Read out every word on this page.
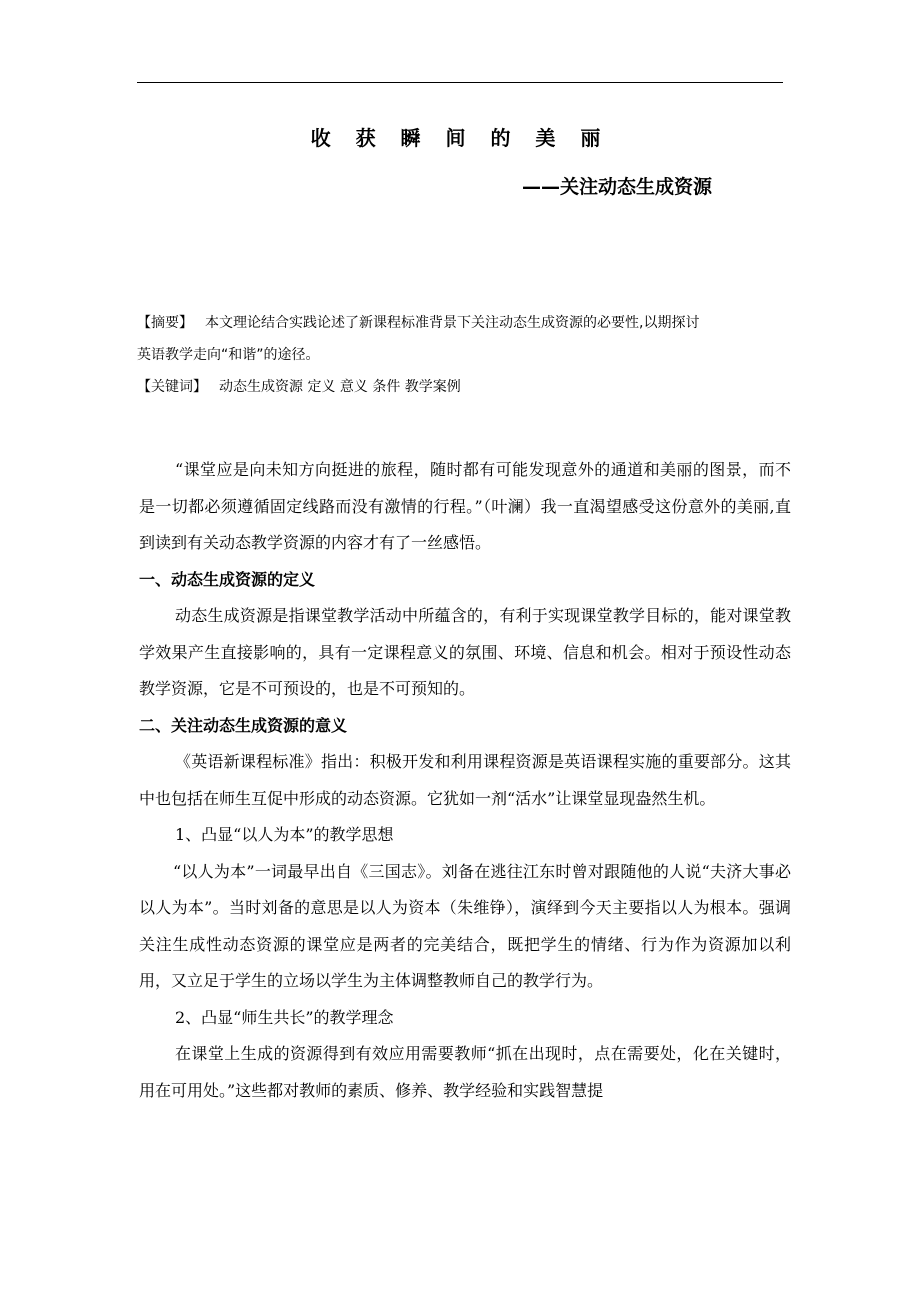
收 获 瞬 间 的 美 丽
——关注动态生成资源

【摘要】 本文理论结合实践论述了新课程标准背景下关注动态生成资源的必要性,以期探讨

英语教学走向“和谐”的途径。

【关键词】 动态生成资源 定义 意义 条件 教学案例

“课堂应是向未知方向挺进的旅程，随时都有可能发现意外的通道和美丽的图景，而不是一切都必须遵循固定线路而没有激情的行程。”（叶澜）我一直渴望感受这份意外的美丽,直到读到有关动态教学资源的内容才有了一丝感悟。

一、动态生成资源的定义

动态生成资源是指课堂教学活动中所蕴含的，有利于实现课堂教学目标的，能对课堂教学效果产生直接影响的，具有一定课程意义的氛围、环境、信息和机会。相对于预设性动态教学资源，它是不可预设的，也是不可预知的。

二、关注动态生成资源的意义

《英语新课程标准》指出：积极开发和利用课程资源是英语课程实施的重要部分。这其中也包括在师生互促中形成的动态资源。它犹如一剂“活水”让课堂显现盎然生机。

1、凸显“以人为本”的教学思想

“以人为本”一词最早出自《三国志》。刘备在逃往江东时曾对跟随他的人说“夫济大事必以人为本”。当时刘备的意思是以人为资本（朱维铮），演绎到今天主要指以人为根本。强调关注生成性动态资源的课堂应是两者的完美结合，既把学生的情绪、行为作为资源加以利用，又立足于学生的立场以学生为主体调整教师自己的教学行为。

2、凸显“师生共长”的教学理念

在课堂上生成的资源得到有效应用需要教师“抓在出现时，点在需要处，化在关键时，用在可用处。”这些都对教师的素质、修养、教学经验和实践智慧提
